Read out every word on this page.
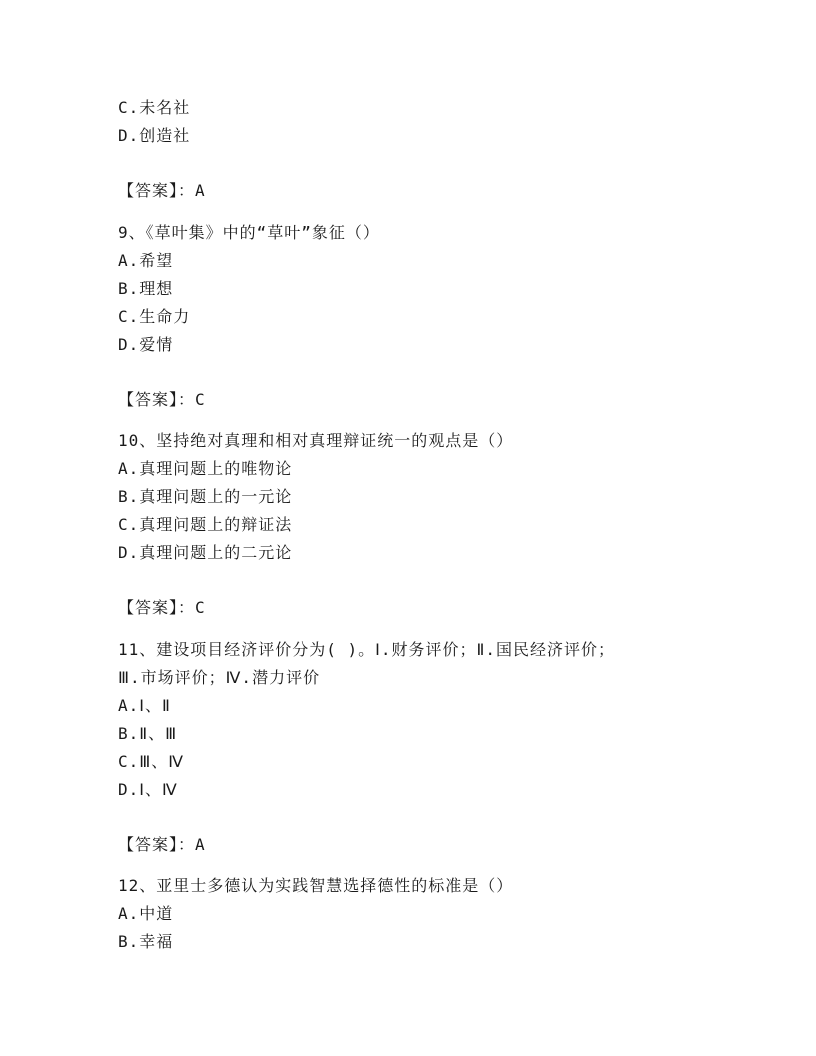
C.未名社
D.创造社
【答案】：A
9、《草叶集》中的“草叶”象征（）
A.希望
B.理想
C.生命力
D.爱情
【答案】：C
10、坚持绝对真理和相对真理辩证统一的观点是（）
A.真理问题上的唯物论
B.真理问题上的一元论
C.真理问题上的辩证法
D.真理问题上的二元论
【答案】：C
11、建设项目经济评价分为( )。Ⅰ.财务评价；Ⅱ.国民经济评价；
Ⅲ.市场评价；Ⅳ.潜力评价
A.Ⅰ、Ⅱ
B.Ⅱ、Ⅲ
C.Ⅲ、Ⅳ
D.Ⅰ、Ⅳ
【答案】：A
12、亚里士多德认为实践智慧选择德性的标准是（）
A.中道
B.幸福
